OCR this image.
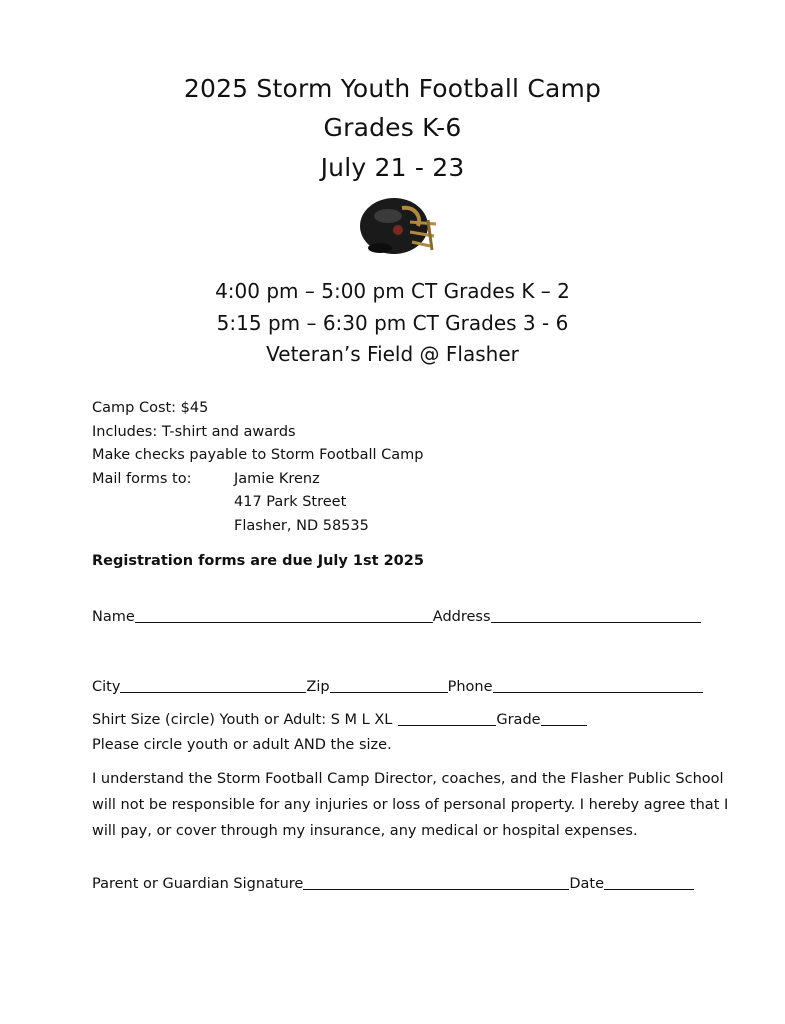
2025 Storm Youth Football Camp
Grades K-6
July 21 - 23
4:00 pm – 5:00 pm CT Grades K – 2
5:15 pm – 6:30 pm CT Grades 3 - 6
Veteran’s Field @ Flasher
Camp Cost: $45
Includes: T-shirt and awards
Make checks payable to Storm Football Camp
Mail forms to:	Jamie Krenz
417 Park Street
Flasher, ND 58535
Registration forms are due July 1st 2025
Name	Address
City	Zip	Phone
Shirt Size (circle) Youth or Adult: S M L XL	Grade
Please circle youth or adult AND the size.
I understand the Storm Football Camp Director, coaches, and the Flasher Public School will not be responsible for any injuries or loss of personal property. I hereby agree that I will pay, or cover through my insurance, any medical or hospital expenses.
Parent or Guardian Signature	Date
